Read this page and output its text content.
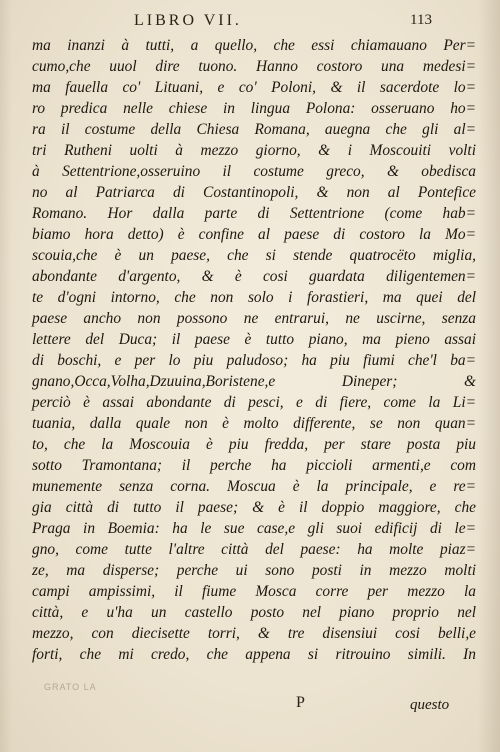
LIBRO VII.	113
ma inanzi à tutti, a quello, che essi chiamauano Per=
cumo,che uuol dire tuono. Hanno costoro una medesi=
ma fauella co' Lituani, e co' Poloni, & il sacerdote lo=
ro predica nelle chiese in lingua Polona: osseruano ho=
ra il costume della Chiesa Romana, auegna che gli al=
tri Rutheni uolti à mezzo giorno, & i Moscouiti volti
à Settentrione,osseruino il costume greco, & obedisca
no al Patriarca di Costantinopoli, & non al Pontefice
Romano. Hor dalla parte di Settentrione (come hab=
biamo hora detto) è confine al paese di costoro la Mo=
scouia,che è un paese, che si stende quatrocëto miglia,
abondante d'argento, & è cosi guardata diligentemen=
te d'ogni intorno, che non solo i forastieri, ma quei del
paese ancho non possono ne entrarui, ne uscirne, senza
lettere del Duca; il paese è tutto piano, ma pieno assai
di boschi, e per lo piu paludoso; ha piu fiumi che'l ba=
gnano,Occa,Volha,Dzuuina,Boristene,e Dineper; &
perciò è assai abondante di pesci, e di fiere, come la Li=
tuania, dalla quale non è molto differente, se non quan=
to, che la Moscouia è piu fredda, per stare posta piu
sotto Tramontana; il perche ha piccioli armenti,e com
munemente senza corna. Moscua è la principale, e re=
gia città di tutto il paese; & è il doppio maggiore, che
Praga in Boemia: ha le sue case,e gli suoi edificij di le=
gno, come tutte l'altre città del paese: ha molte piaz=
ze, ma disperse; perche ui sono posti in mezzo molti
campi ampissimi, il fiume Mosca corre per mezzo la
città, e u'ha un castello posto nel piano proprio nel
mezzo, con diecisette torri, & tre disensiui cosi belli,e
forti, che mi credo, che appena si ritrouino simili. In
GRATO LA
P	questo
